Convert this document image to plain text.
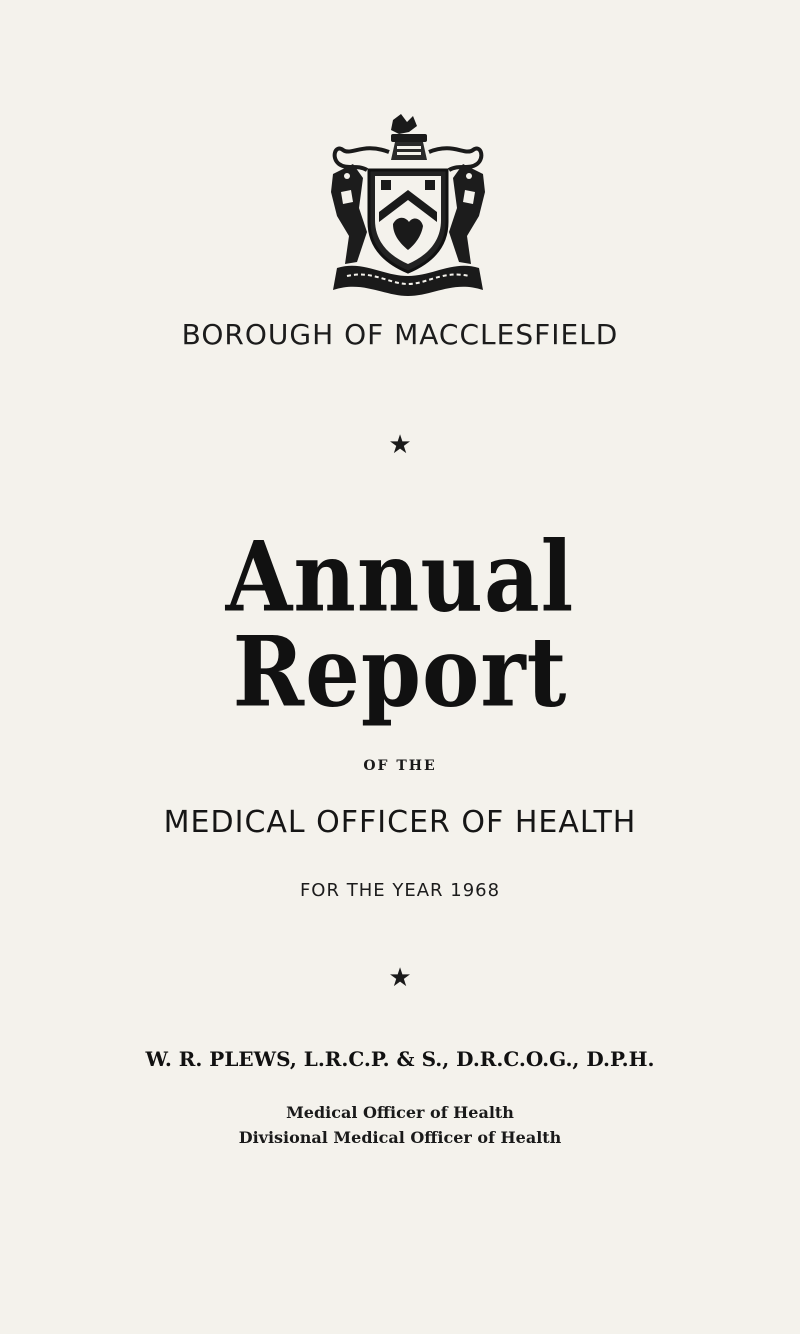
BOROUGH OF MACCLESFIELD
★
Annual
Report
OF THE
MEDICAL OFFICER OF HEALTH
FOR THE YEAR 1968
★
W. R. PLEWS, L.R.C.P. & S., D.R.C.O.G., D.P.H.
Medical Officer of Health
Divisional Medical Officer of Health
